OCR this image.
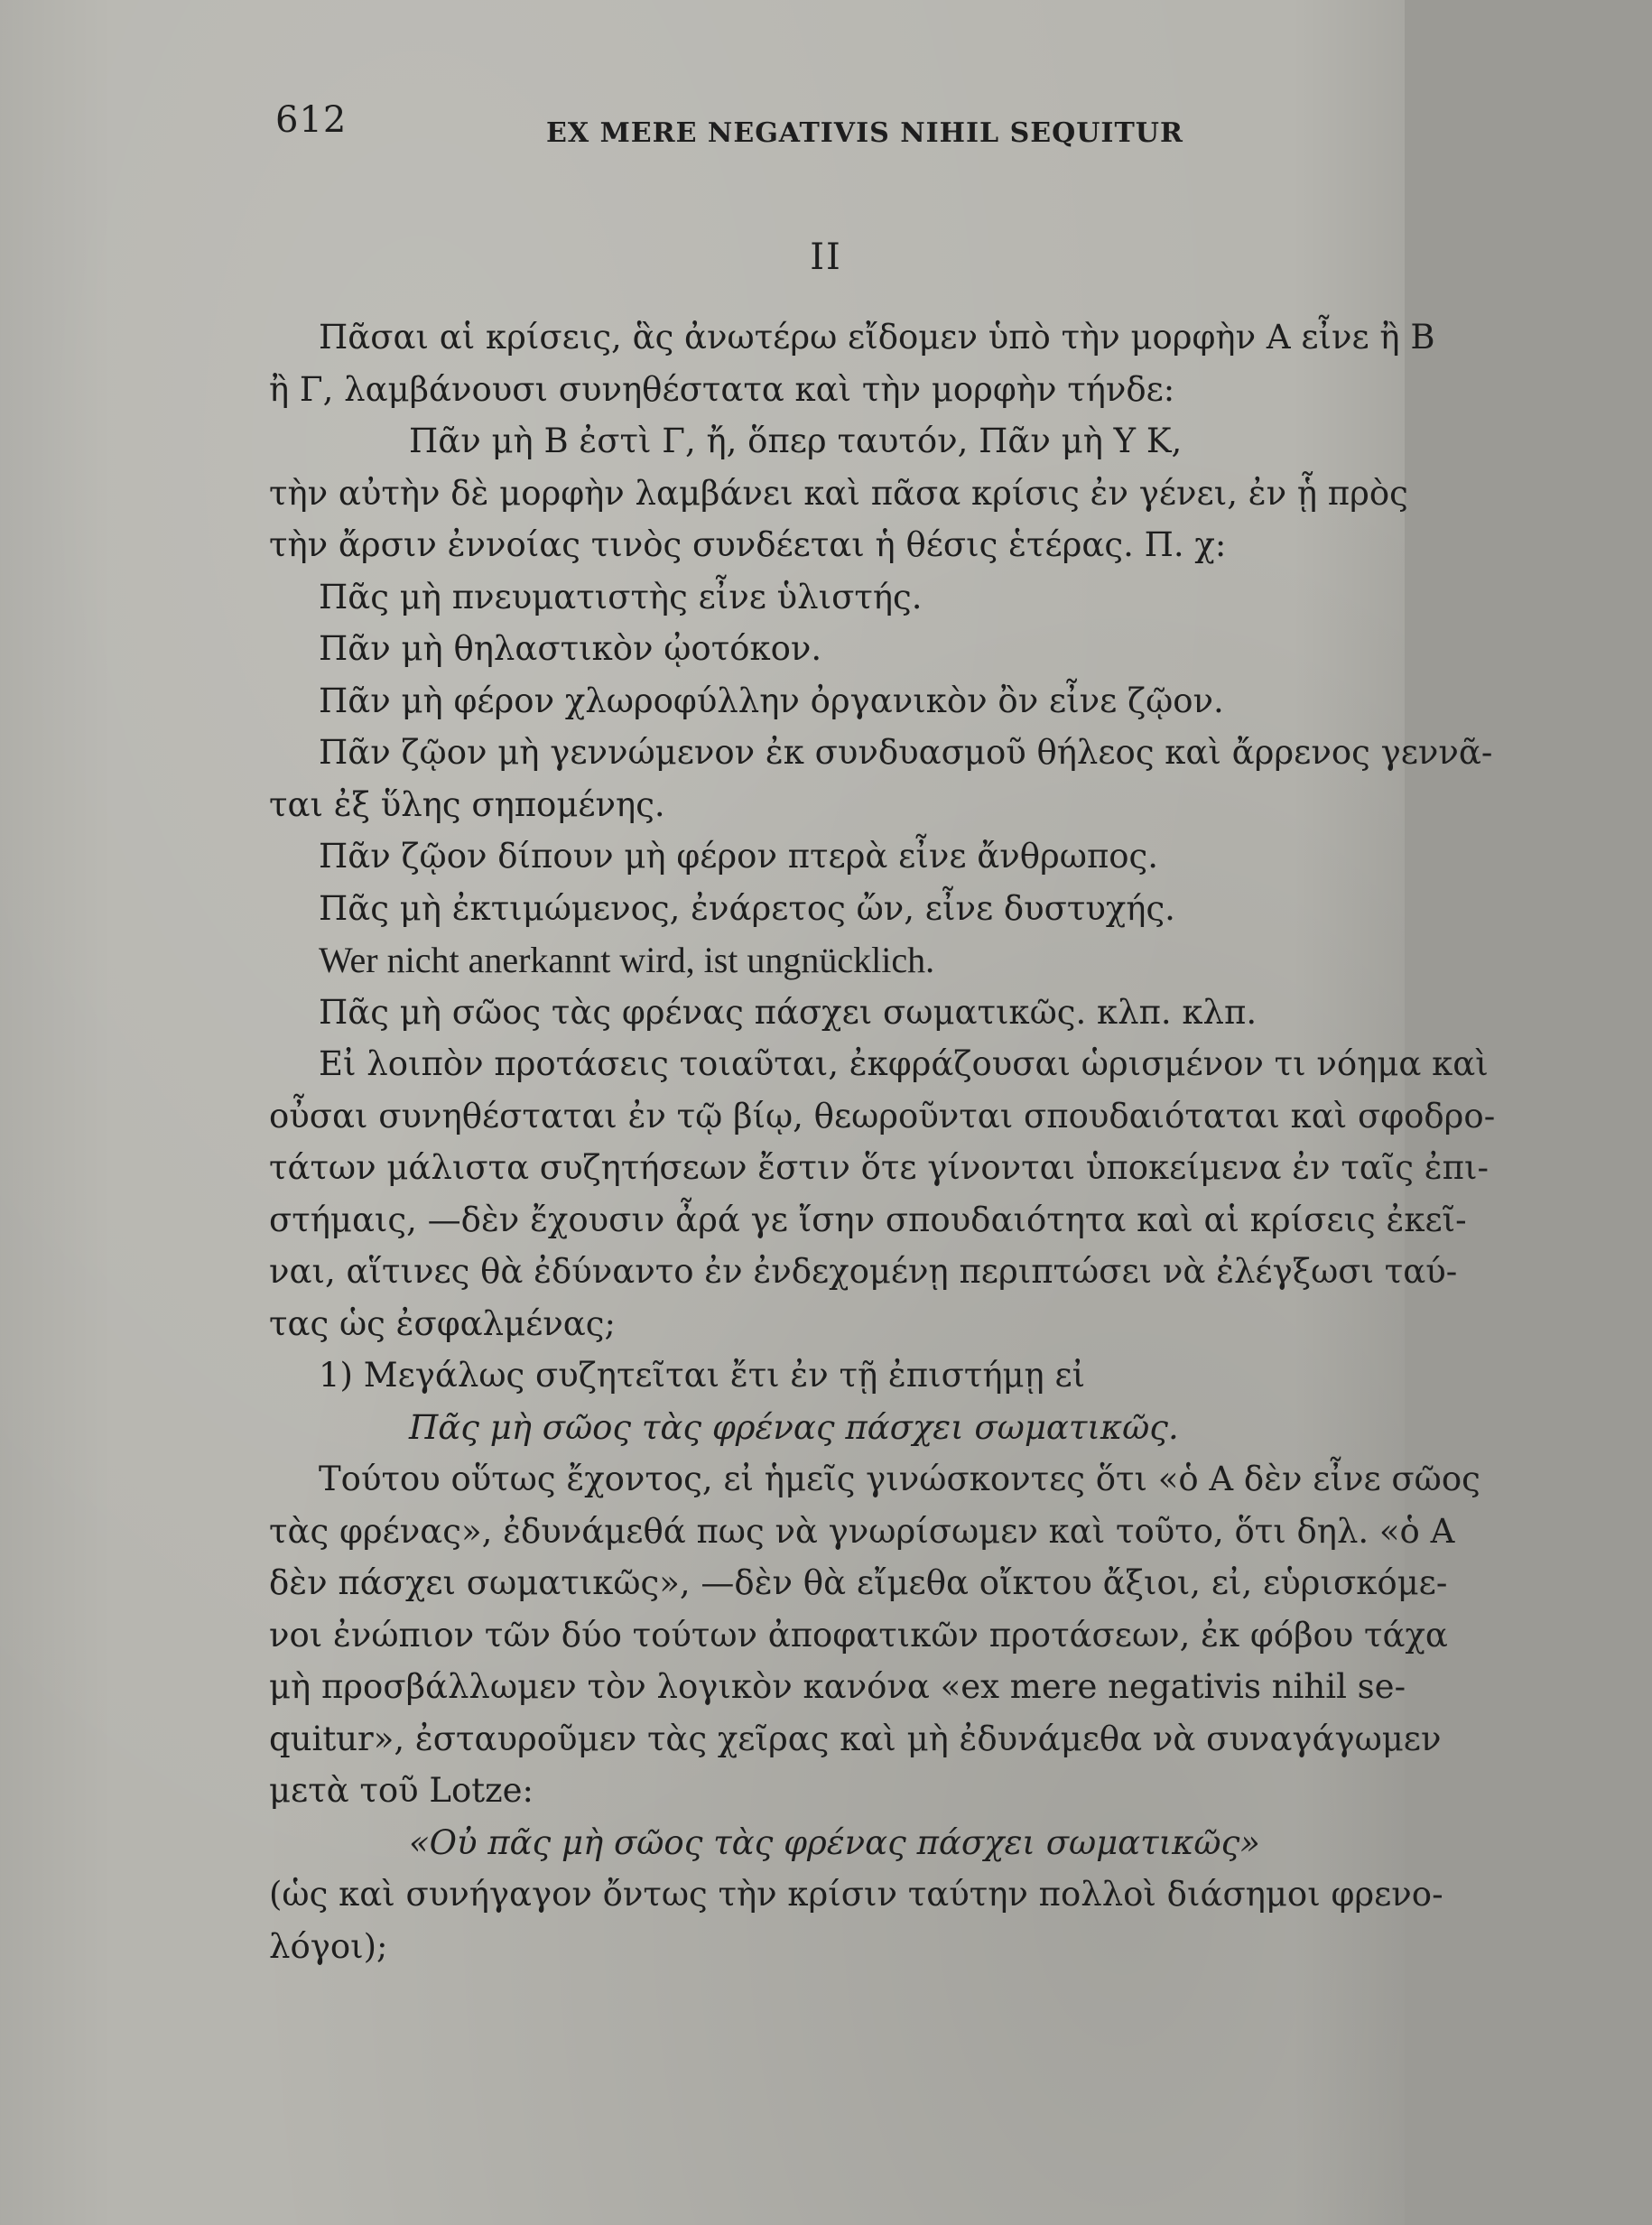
612	EX MERE NEGATIVIS NIHIL SEQUITUR
II
Πᾶσαι αἱ κρίσεις, ἃς ἀνωτέρω εἴδομεν ὑπὸ τὴν μορφὴν Α εἶνε ἢ Β
ἢ Γ, λαμβάνουσι συνηθέστατα καὶ τὴν μορφὴν τήνδε:
Πᾶν μὴ Β ἐστὶ Γ, ἤ, ὅπερ ταυτόν, Πᾶν μὴ Υ Κ,
τὴν αὐτὴν δὲ μορφὴν λαμβάνει καὶ πᾶσα κρίσις ἐν γένει, ἐν ᾗ πρὸς
τὴν ἄρσιν ἐννοίας τινὸς συνδέεται ἡ θέσις ἑτέρας. Π. χ:
Πᾶς μὴ πνευματιστὴς εἶνε ὑλιστής.
Πᾶν μὴ θηλαστικὸν ᾠοτόκον.
Πᾶν μὴ φέρον χλωροφύλλην ὀργανικὸν ὂν εἶνε ζῷον.
Πᾶν ζῷον μὴ γεννώμενον ἐκ συνδυασμοῦ θήλεος καὶ ἄρρενος γεννᾶ-
ται ἐξ ὕλης σηπομένης.
Πᾶν ζῷον δίπουν μὴ φέρον πτερὰ εἶνε ἄνθρωπος.
Πᾶς μὴ ἐκτιμώμενος, ἐνάρετος ὤν, εἶνε δυστυχής.
Wer nicht anerkannt wird, ist ungnücklich.
Πᾶς μὴ σῶος τὰς φρένας πάσχει σωματικῶς. κλπ. κλπ.
Εἰ λοιπὸν προτάσεις τοιαῦται, ἐκφράζουσαι ὡρισμένον τι νόημα καὶ
οὖσαι συνηθέσταται ἐν τῷ βίῳ, θεωροῦνται σπουδαιόταται καὶ σφοδρο-
τάτων μάλιστα συζητήσεων ἔστιν ὅτε γίνονται ὑποκείμενα ἐν ταῖς ἐπι-
στήμαις, —δὲν ἔχουσιν ἆρά γε ἴσην σπουδαιότητα καὶ αἱ κρίσεις ἐκεῖ-
ναι, αἵτινες θὰ ἐδύναντο ἐν ἐνδεχομένῃ περιπτώσει νὰ ἐλέγξωσι ταύ-
τας ὡς ἐσφαλμένας;
1) Μεγάλως συζητεῖται ἔτι ἐν τῇ ἐπιστήμῃ εἰ
Πᾶς μὴ σῶος τὰς φρένας πάσχει σωματικῶς.
Τούτου οὕτως ἔχοντος, εἰ ἡμεῖς γινώσκοντες ὅτι «ὁ Α δὲν εἶνε σῶος
τὰς φρένας», ἐδυνάμεθά πως νὰ γνωρίσωμεν καὶ τοῦτο, ὅτι δηλ. «ὁ Α
δὲν πάσχει σωματικῶς», —δὲν θὰ εἴμεθα οἴκτου ἄξιοι, εἰ, εὑρισκόμε-
νοι ἐνώπιον τῶν δύο τούτων ἀποφατικῶν προτάσεων, ἐκ φόβου τάχα
μὴ προσβάλλωμεν τὸν λογικὸν κανόνα «ex mere negativis nihil se-
quitur», ἐσταυροῦμεν τὰς χεῖρας καὶ μὴ ἐδυνάμεθα νὰ συναγάγωμεν
μετὰ τοῦ Lotze:
«Οὐ πᾶς μὴ σῶος τὰς φρένας πάσχει σωματικῶς»
(ὡς καὶ συνήγαγον ὄντως τὴν κρίσιν ταύτην πολλοὶ διάσημοι φρενο-
λόγοι);
